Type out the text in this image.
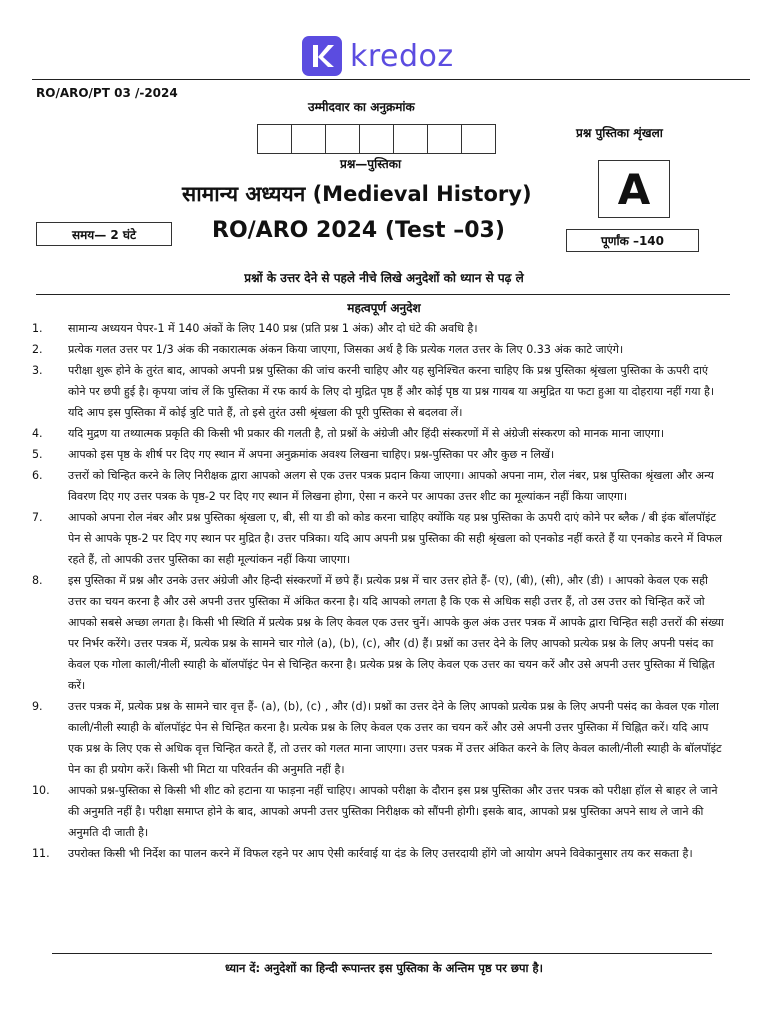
kredoz
RO/ARO/PT 03 /-2024
उम्मीदवार का अनुक्रमांक
प्रश्न पुस्तिका शृंखला
प्रश्न—पुस्तिका
सामान्य अध्ययन (Medieval History) A
समय— 2 घंटे	RO/ARO 2024 (Test –03)	पूर्णांक –140
प्रश्नों के उत्तर देने से पहले नीचे लिखे अनुदेशों को ध्यान से पढ़ ले
महत्वपूर्ण अनुदेश
1.	सामान्य अध्ययन पेपर-1 में 140 अंकों के लिए 140 प्रश्न (प्रति प्रश्न 1 अंक) और दो घंटे की अवधि है।
2.	प्रत्येक गलत उत्तर पर 1/3 अंक की नकारात्मक अंकन किया जाएगा, जिसका अर्थ है कि प्रत्येक गलत उत्तर के लिए 0.33 अंक काटे जाएंगे।
3.	परीक्षा शुरू होने के तुरंत बाद, आपको अपनी प्रश्न पुस्तिका की जांच करनी चाहिए और यह सुनिश्चित करना चाहिए कि प्रश्न पुस्तिका श्रृंखला पुस्तिका के ऊपरी दाएं कोने पर छपी हुई है। कृपया जांच लें कि पुस्तिका में रफ कार्य के लिए दो मुद्रित पृष्ठ हैं और कोई पृष्ठ या प्रश्न गायब या अमुद्रित या फटा हुआ या दोहराया नहीं गया है। यदि आप इस पुस्तिका में कोई त्रुटि पाते हैं, तो इसे तुरंत उसी श्रृंखला की पूरी पुस्तिका से बदलवा लें।
4.	यदि मुद्रण या तथ्यात्मक प्रकृति की किसी भी प्रकार की गलती है, तो प्रश्नों के अंग्रेजी और हिंदी संस्करणों में से अंग्रेजी संस्करण को मानक माना जाएगा।
5.	आपको इस पृष्ठ के शीर्ष पर दिए गए स्थान में अपना अनुक्रमांक अवश्य लिखना चाहिए। प्रश्न-पुस्तिका पर और कुछ न लिखें।
6.	उत्तरों को चिन्हित करने के लिए निरीक्षक द्वारा आपको अलग से एक उत्तर पत्रक प्रदान किया जाएगा। आपको अपना नाम, रोल नंबर, प्रश्न पुस्तिका श्रृंखला और अन्य विवरण दिए गए उत्तर पत्रक के पृष्ठ-2 पर दिए गए स्थान में लिखना होगा, ऐसा न करने पर आपका उत्तर शीट का मूल्यांकन नहीं किया जाएगा।
7.	आपको अपना रोल नंबर और प्रश्न पुस्तिका श्रृंखला ए, बी, सी या डी को कोड करना चाहिए क्योंकि यह प्रश्न पुस्तिका के ऊपरी दाएं कोने पर ब्लैक / बी इंक बॉलपॉइंट पेन से आपके पृष्ठ-2 पर दिए गए स्थान पर मुद्रित है। उत्तर पत्रिका। यदि आप अपनी प्रश्न पुस्तिका की सही श्रृंखला को एनकोड नहीं करते हैं या एनकोड करने में विफल रहते हैं, तो आपकी उत्तर पुस्तिका का सही मूल्यांकन नहीं किया जाएगा।
8.	इस पुस्तिका में प्रश्न और उनके उत्तर अंग्रेजी और हिन्दी संस्करणों में छपे हैं। प्रत्येक प्रश्न में चार उत्तर होते हैं- (ए), (बी), (सी), और (डी) । आपको केवल एक सही उत्तर का चयन करना है और उसे अपनी उत्तर पुस्तिका में अंकित करना है। यदि आपको लगता है कि एक से अधिक सही उत्तर हैं, तो उस उत्तर को चिन्हित करें जो आपको सबसे अच्छा लगता है। किसी भी स्थिति में प्रत्येक प्रश्न के लिए केवल एक उत्तर चुनें। आपके कुल अंक उत्तर पत्रक में आपके द्वारा चिन्हित सही उत्तरों की संख्या पर निर्भर करेंगे। उत्तर पत्रक में, प्रत्येक प्रश्न के सामने चार गोले (a), (b), (c), और (d) हैं। प्रश्नों का उत्तर देने के लिए आपको प्रत्येक प्रश्न के लिए अपनी पसंद का केवल एक गोला काली/नीली स्याही के बॉलपॉइंट पेन से चिन्हित करना है। प्रत्येक प्रश्न के लिए केवल एक उत्तर का चयन करें और उसे अपनी उत्तर पुस्तिका में चिह्नित करें।
9.	उत्तर पत्रक में, प्रत्येक प्रश्न के सामने चार वृत्त हैं- (a), (b), (c) , और (d)। प्रश्नों का उत्तर देने के लिए आपको प्रत्येक प्रश्न के लिए अपनी पसंद का केवल एक गोला काली/नीली स्याही के बॉलपॉइंट पेन से चिन्हित करना है। प्रत्येक प्रश्न के लिए केवल एक उत्तर का चयन करें और उसे अपनी उत्तर पुस्तिका में चिह्नित करें। यदि आप एक प्रश्न के लिए एक से अधिक वृत्त चिन्हित करते हैं, तो उत्तर को गलत माना जाएगा। उत्तर पत्रक में उत्तर अंकित करने के लिए केवल काली/नीली स्याही के बॉलपॉइंट पेन का ही प्रयोग करें। किसी भी मिटा या परिवर्तन की अनुमति नहीं है।
10.	आपको प्रश्न-पुस्तिका से किसी भी शीट को हटाना या फाड़ना नहीं चाहिए। आपको परीक्षा के दौरान इस प्रश्न पुस्तिका और उत्तर पत्रक को परीक्षा हॉल से बाहर ले जाने की अनुमति नहीं है। परीक्षा समाप्त होने के बाद, आपको अपनी उत्तर पुस्तिका निरीक्षक को सौंपनी होगी। इसके बाद, आपको प्रश्न पुस्तिका अपने साथ ले जाने की अनुमति दी जाती है।
11.	उपरोक्त किसी भी निर्देश का पालन करने में विफल रहने पर आप ऐसी कार्रवाई या दंड के लिए उत्तरदायी होंगे जो आयोग अपने विवेकानुसार तय कर सकता है।
ध्यान दें: अनुदेशों का हिन्दी रूपान्तर इस पुस्तिका के अन्तिम पृष्ठ पर छपा है।
